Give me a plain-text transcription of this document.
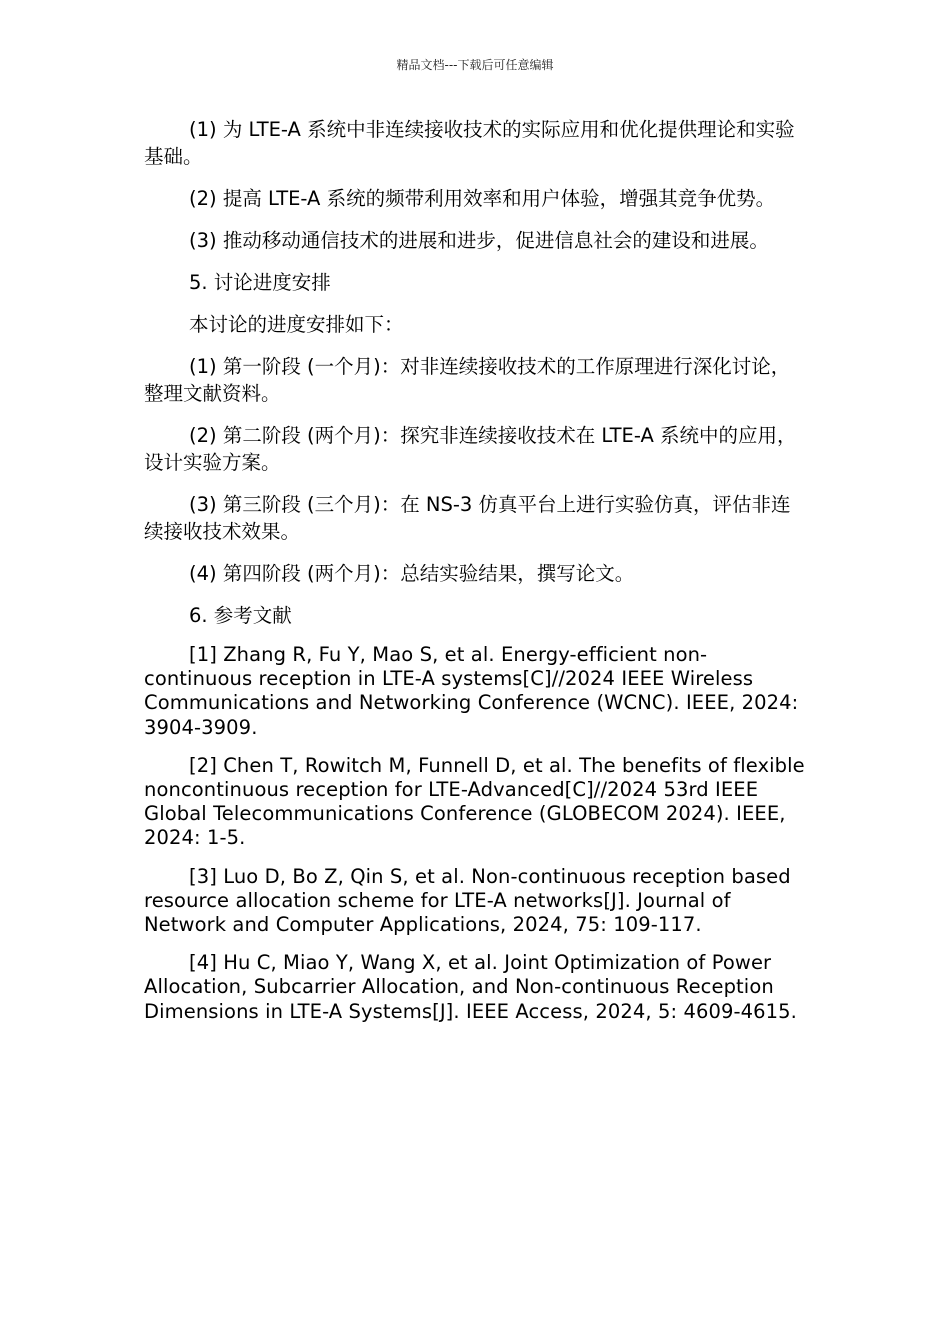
精品文档---下载后可任意编辑

(1) 为 LTE-A 系统中非连续接收技术的实际应用和优化提供理论和实验基础。

(2) 提高 LTE-A 系统的频带利用效率和用户体验，增强其竞争优势。

(3) 推动移动通信技术的进展和进步，促进信息社会的建设和进展。

5. 讨论进度安排

本讨论的进度安排如下：

(1) 第一阶段 (一个月)：对非连续接收技术的工作原理进行深化讨论，整理文献资料。

(2) 第二阶段 (两个月)：探究非连续接收技术在 LTE-A 系统中的应用，设计实验方案。

(3) 第三阶段 (三个月)：在 NS-3 仿真平台上进行实验仿真，评估非连续接收技术效果。

(4) 第四阶段 (两个月)：总结实验结果，撰写论文。

6. 参考文献

[1] Zhang R, Fu Y, Mao S, et al. Energy-efficient non-continuous reception in LTE-A systems[C]//2024 IEEE Wireless Communications and Networking Conference (WCNC). IEEE, 2024: 3904-3909.

[2] Chen T, Rowitch M, Funnell D, et al. The benefits of flexible noncontinuous reception for LTE-Advanced[C]//2024 53rd IEEE Global Telecommunications Conference (GLOBECOM 2024). IEEE, 2024: 1-5.

[3] Luo D, Bo Z, Qin S, et al. Non-continuous reception based resource allocation scheme for LTE-A networks[J]. Journal of Network and Computer Applications, 2024, 75: 109-117.

[4] Hu C, Miao Y, Wang X, et al. Joint Optimization of Power Allocation, Subcarrier Allocation, and Non-continuous Reception Dimensions in LTE-A Systems[J]. IEEE Access, 2024, 5: 4609-4615.
